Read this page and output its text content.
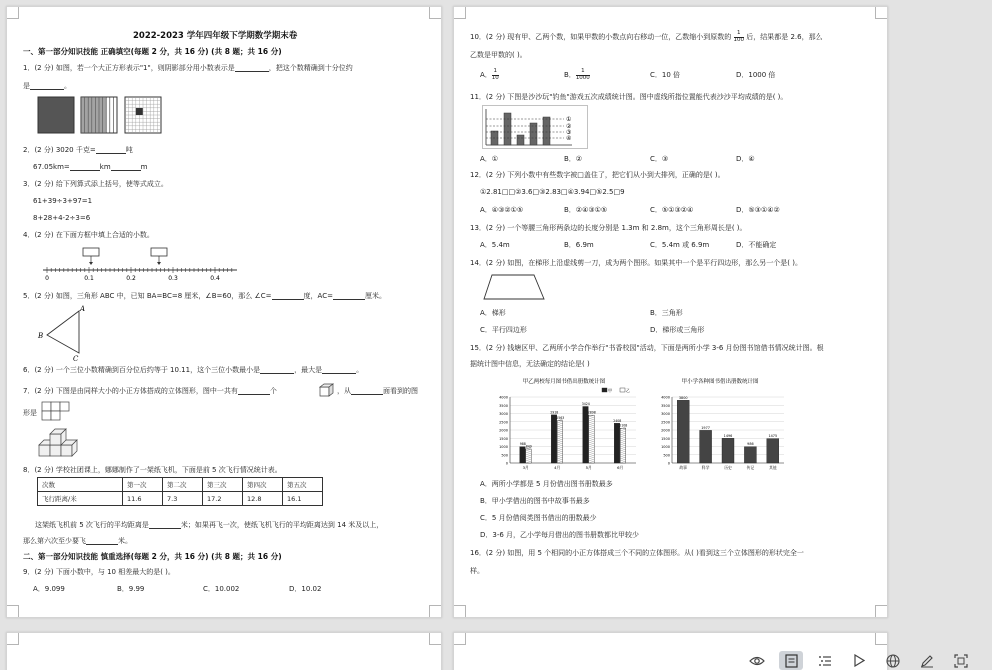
2022-2023 学年四年级下学期数学期末卷
一、第一部分知识技能 正确填空(每题 2 分，共 16 分) (共 8 题；共 16 分)
1．(2 分) 如图，若一个大正方形表示"1"，则阴影部分用小数表示是	，把这个数精确到十分位约
是	。
2．(2 分) 3020 千克=	吨
67.05km=	km	m
3．(2 分) 给下列算式添上括号，使等式成立。
61+39÷3+97=1
8+28+4-2÷3=6
4．(2 分) 在下面方框中填上合适的小数。
0	0.1	0.2	0.3	0.4
5．(2 分) 如图，三角形 ABC 中，已知 BA=BC=8 厘米，∠B=60，那么 ∠C=	度，AC=	厘米。
A
B
C
6．(2 分) 一个三位小数精确到百分位后约等于 10.11，这个三位小数最小是	，最大是	。
7．(2 分) 下图是由同样大小的小正方体搭成的立体图形，图中一共有	个	，从	面看到的图
形是
8．(2 分) 学校社团课上，娜娜制作了一架纸飞机，下面是前 5 次飞行情况统计表。
次数	第一次	第二次	第三次	第四次	第五次
飞行距离/米	11.6	7.3	17.2	12.8	16.1
这架纸飞机前 5 次飞行的平均距离是	米；如果再飞一次，使纸飞机飞行的平均距离达到 14 米及以上，
那么第六次至少要飞	米。
二、第一部分知识技能 慎重选择(每题 2 分，共 16 分) (共 8 题；共 16 分)
9．(2 分) 下面小数中，与 10 相差最大的是( )。
A．9.099	B．9.99	C．10.002	D．10.02
10．(2 分) 现有甲、乙两个数，如果甲数的小数点向右移动一位，乙数缩小到原数的 $\frac{1}{100}$ 后，结果都是 2.6，那么
乙数是甲数的( )。
A． $\frac{1}{10}$	B． $\frac{1}{1000}$	C．10 倍	D．1000 倍
11．(2 分) 下图是沙沙玩"钓鱼"游戏五次成绩统计图。图中虚线所指位置能代表沙沙平均成绩的是( )。
①
②
③
④
A．①	B．②	C．③	D．④
12．(2 分) 下列小数中有些数字被□盖住了，把它们从小到大排列，正确的是( )。
①2.81□□②3.6□③2.83□④3.94□⑤2.5□9
A．④③②①⑤	B．②④③①⑤	C．⑤①③②④	D．⑤③①④②
13．(2 分) 一个等腰三角形两条边的长度分别是 1.3m 和 2.8m，这个三角形周长是( )。
A．5.4m	B．6.9m	C．5.4m 或 6.9m	D．不能确定
14．(2 分) 如图，在梯形上沿虚线剪一刀，成为两个图形。如果其中一个是平行四边形，那么另一个是( )。
A．梯形	B．三角形
C．平行四边形	D．梯形或三角形
15．(2 分) 钱塘区甲、乙两所小学合作举行"书香校园"活动，下面是两所小学 3-6 月份图书馆借书情况统计图。根
据统计图中信息，无法确定的结论是( )
甲乙两校每月图书借出册数统计图
甲	乙
0
500
1000
1500
2000
2500
3000
3500
4000
988
849
3月
2918
2563
4月
3424
2898
5月
2408
2108
6月
甲小学各种图书借出册数统计图
0
500
1000
1500
2000
2500
3000
3500
4000	3800
故事
1977
科学
1496
历史
986
传记
1475
其他
A．两所小学都是 5 月份借出图书册数最多
B．甲小学借出的图书中故事书最多
C．5 月份借阅类图书借出的册数最少
D．3-6 月，乙小学每月借出的图书册数都比甲较少
16．(2 分) 如图，用 5 个相同的小正方体搭成三个不同的立体图形。从( )看到这三个立体图形的形状完全一
样。
